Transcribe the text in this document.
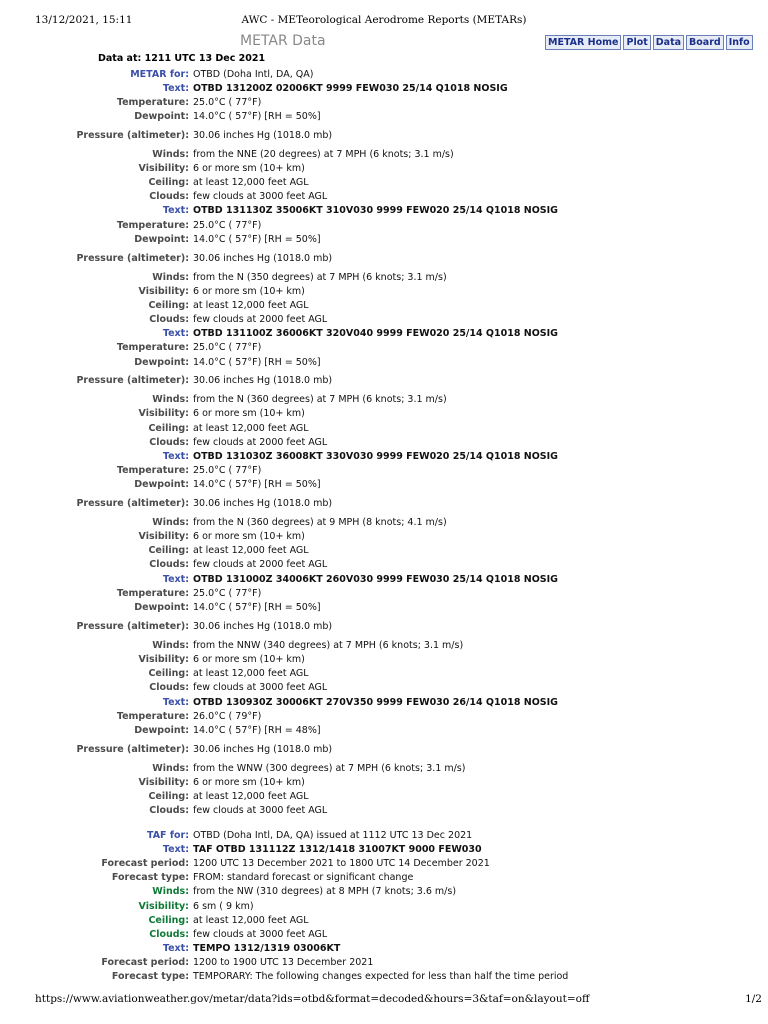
13/12/2021, 15:11	AWC - METeorological Aerodrome Reports (METARs)
METAR Data	METAR Home Plot Data Board Info
Data at: 1211 UTC 13 Dec 2021
METAR for: OTBD (Doha Intl, DA, QA)
Text: OTBD 131200Z 02006KT 9999 FEW030 25/14 Q1018 NOSIG
Temperature: 25.0°C ( 77°F)
Dewpoint: 14.0°C ( 57°F) [RH = 50%]
Pressure (altimeter): 30.06 inches Hg (1018.0 mb)
Winds: from the NNE (20 degrees) at 7 MPH (6 knots; 3.1 m/s)
Visibility: 6 or more sm (10+ km)
Ceiling: at least 12,000 feet AGL
Clouds: few clouds at 3000 feet AGL
Text: OTBD 131130Z 35006KT 310V030 9999 FEW020 25/14 Q1018 NOSIG
Temperature: 25.0°C ( 77°F)
Dewpoint: 14.0°C ( 57°F) [RH = 50%]
Pressure (altimeter): 30.06 inches Hg (1018.0 mb)
Winds: from the N (350 degrees) at 7 MPH (6 knots; 3.1 m/s)
Visibility: 6 or more sm (10+ km)
Ceiling: at least 12,000 feet AGL
Clouds: few clouds at 2000 feet AGL
Text: OTBD 131100Z 36006KT 320V040 9999 FEW020 25/14 Q1018 NOSIG
Temperature: 25.0°C ( 77°F)
Dewpoint: 14.0°C ( 57°F) [RH = 50%]
Pressure (altimeter): 30.06 inches Hg (1018.0 mb)
Winds: from the N (360 degrees) at 7 MPH (6 knots; 3.1 m/s)
Visibility: 6 or more sm (10+ km)
Ceiling: at least 12,000 feet AGL
Clouds: few clouds at 2000 feet AGL
Text: OTBD 131030Z 36008KT 330V030 9999 FEW020 25/14 Q1018 NOSIG
Temperature: 25.0°C ( 77°F)
Dewpoint: 14.0°C ( 57°F) [RH = 50%]
Pressure (altimeter): 30.06 inches Hg (1018.0 mb)
Winds: from the N (360 degrees) at 9 MPH (8 knots; 4.1 m/s)
Visibility: 6 or more sm (10+ km)
Ceiling: at least 12,000 feet AGL
Clouds: few clouds at 2000 feet AGL
Text: OTBD 131000Z 34006KT 260V030 9999 FEW030 25/14 Q1018 NOSIG
Temperature: 25.0°C ( 77°F)
Dewpoint: 14.0°C ( 57°F) [RH = 50%]
Pressure (altimeter): 30.06 inches Hg (1018.0 mb)
Winds: from the NNW (340 degrees) at 7 MPH (6 knots; 3.1 m/s)
Visibility: 6 or more sm (10+ km)
Ceiling: at least 12,000 feet AGL
Clouds: few clouds at 3000 feet AGL
Text: OTBD 130930Z 30006KT 270V350 9999 FEW030 26/14 Q1018 NOSIG
Temperature: 26.0°C ( 79°F)
Dewpoint: 14.0°C ( 57°F) [RH = 48%]
Pressure (altimeter): 30.06 inches Hg (1018.0 mb)
Winds: from the WNW (300 degrees) at 7 MPH (6 knots; 3.1 m/s)
Visibility: 6 or more sm (10+ km)
Ceiling: at least 12,000 feet AGL
Clouds: few clouds at 3000 feet AGL
TAF for: OTBD (Doha Intl, DA, QA) issued at 1112 UTC 13 Dec 2021
Text: TAF OTBD 131112Z 1312/1418 31007KT 9000 FEW030
Forecast period: 1200 UTC 13 December 2021 to 1800 UTC 14 December 2021
Forecast type: FROM: standard forecast or significant change
Winds: from the NW (310 degrees) at 8 MPH (7 knots; 3.6 m/s)
Visibility: 6 sm ( 9 km)
Ceiling: at least 12,000 feet AGL
Clouds: few clouds at 3000 feet AGL
Text: TEMPO 1312/1319 03006KT
Forecast period: 1200 to 1900 UTC 13 December 2021
Forecast type: TEMPORARY: The following changes expected for less than half the time period
https://www.aviationweather.gov/metar/data?ids=otbd&format=decoded&hours=3&taf=on&layout=off	1/2
